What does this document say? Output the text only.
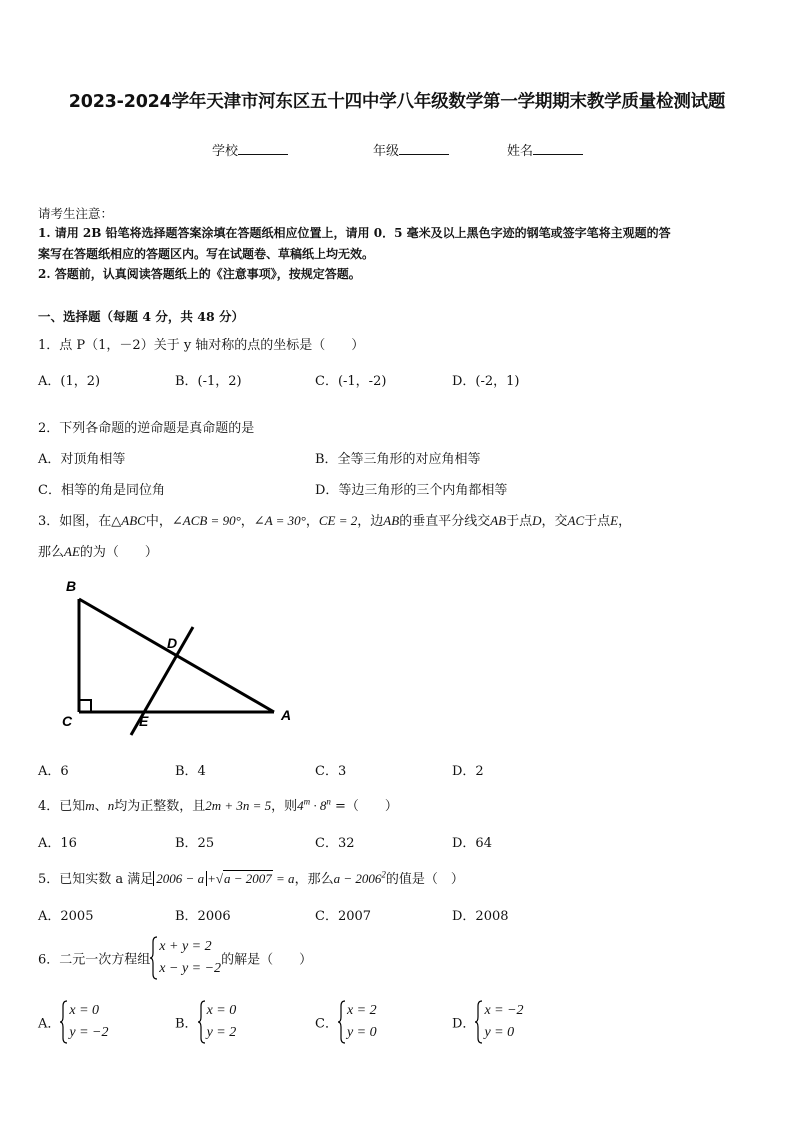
2023-2024学年天津市河东区五十四中学八年级数学第一学期期末教学质量检测试题
学校	年级	姓名
请考生注意：
1. 请用 2B 铅笔将选择题答案涂填在答题纸相应位置上，请用 0．5 毫米及以上黑色字迹的钢笔或签字笔将主观题的答
案写在答题纸相应的答题区内。写在试题卷、草稿纸上均无效。
2. 答题前，认真阅读答题纸上的《注意事项》，按规定答题。
一、选择题（每题 4 分，共 48 分）
1．点 P（1，－2）关于 y 轴对称的点的坐标是（　　）
A．(1，2)	B．(-1，2)	C．(-1，-2)	D．(-2，1)
2．下列各命题的逆命题是真命题的是
A．对顶角相等	B．全等三角形的对应角相等
C．相等的角是同位角	D．等边三角形的三个内角都相等
3．如图，在△ABC中，∠ACB = 90°，∠A = 30°，CE = 2，边AB的垂直平分线交AB于点D，交AC于点E，
那么AE的为（　　）
B
D
C	E	A
A．6	B．4	C．3	D．2
4．已知m、n均为正整数，且2m + 3n = 5，则$4^m \cdot 8^n$ =（　　）
A．16	B．25	C．32	D．64
5．已知实数 a 满足 2006 − a +√a − 2007 = a，那么$a - 2006^2$的值是（　）
A．2005	B．2006	C．2007	D．2008
6．二元一次方程组
x + y = 2
x − y = −2
的解是（　　）
A．
x = 0
y = −2
B．
x = 0
y = 2
C．
x = 2
y = 0
D．
x = −2
y = 0
